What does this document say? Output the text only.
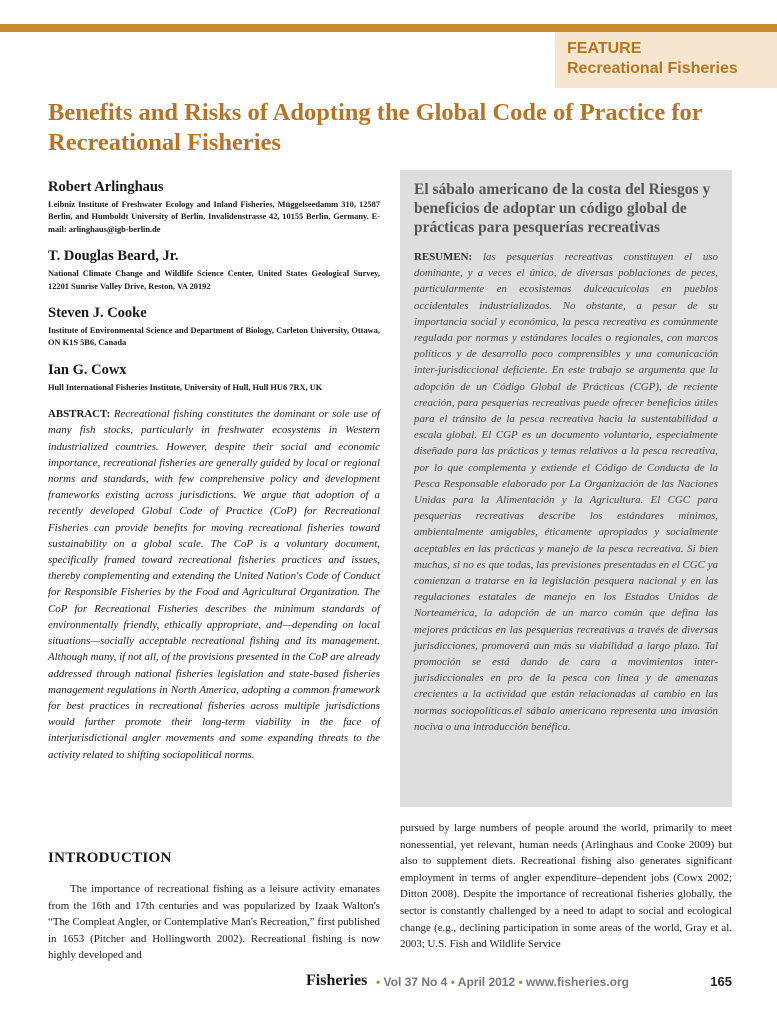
FEATURE
Recreational Fisheries
Benefits and Risks of Adopting the Global Code of Practice for Recreational Fisheries
Robert Arlinghaus
Leibniz Institute of Freshwater Ecology and Inland Fisheries, Müggelseedamm 310, 12587 Berlin, and Humboldt University of Berlin, Invalidenstrasse 42, 10155 Berlin, Germany. E-mail: arlinghaus@igb-berlin.de
T. Douglas Beard, Jr.
National Climate Change and Wildlife Science Center, United States Geological Survey, 12201 Sunrise Valley Drive, Reston, VA 20192
Steven J. Cooke
Institute of Environmental Science and Department of Biology, Carleton University, Ottawa, ON K1S 5B6, Canada
Ian G. Cowx
Hull International Fisheries Institute, University of Hull, Hull HU6 7RX, UK

ABSTRACT: Recreational fishing constitutes the dominant or sole use of many fish stocks, particularly in freshwater ecosystems in Western industrialized countries. However, despite their social and economic importance, recreational fisheries are generally guided by local or regional norms and standards, with few comprehensive policy and development frameworks existing across jurisdictions. We argue that adoption of a recently developed Global Code of Practice (CoP) for Recreational Fisheries can provide benefits for moving recreational fisheries toward sustainability on a global scale. The CoP is a voluntary document, specifically framed toward recreational fisheries practices and issues, thereby complementing and extending the United Nation's Code of Conduct for Responsible Fisheries by the Food and Agricultural Organization. The CoP for Recreational Fisheries describes the minimum standards of environmentally friendly, ethically appropriate, and—depending on local situations—socially acceptable recreational fishing and its management. Although many, if not all, of the provisions presented in the CoP are already addressed through national fisheries legislation and state-based fisheries management regulations in North America, adopting a common framework for best practices in recreational fisheries across multiple jurisdictions would further promote their long-term viability in the face of interjurisdictional angler movements and some expanding threats to the activity related to shifting sociopolitical norms.

INTRODUCTION

The importance of recreational fishing as a leisure activity emanates from the 16th and 17th centuries and was popularized by Izaak Walton's “The Compleat Angler, or Contemplative Man's Recreation,” first published in 1653 (Pitcher and Hollingworth 2002). Recreational fishing is now highly developed and

El sábalo americano de la costa del Riesgos y beneficios de adoptar un código global de prácticas para pesquerías recreativas

RESUMEN: las pesquerías recreativas constituyen el uso dominante, y a veces el único, de diversas poblaciones de peces, particularmente en ecosistemas dulceacuícolas en pueblos occidentales industrializados. No obstante, a pesar de su importancia social y económica, la pesca recreativa es comúnmente regulada por normas y estándares locales o regionales, con marcos políticos y de desarrollo poco comprensibles y una comunicación inter-jurisdiccional deficiente. En este trabajo se argumenta que la adopción de un Código Global de Prácticas (CGP), de reciente creación, para pesquerías recreativas puede ofrecer beneficios útiles para el tránsito de la pesca recreativa hacia la sustentabilidad a escala global. El CGP es un documento voluntario, especialmente diseñado para las prácticas y temas relativos a la pesca recreativa, por lo que complementa y extiende el Código de Conducta de la Pesca Responsable elaborado por La Organización de las Naciones Unidas para la Alimentación y la Agricultura. El CGC para pesquerías recreativas describe los estándares mínimos, ambientalmente amigables, éticamente apropiados y socialmente aceptables en las prácticas y manejo de la pesca recreativa. Si bien muchas, si no es que todas, las previsiones presentadas en el CGC ya comienzan a tratarse en la legislación pesquera nacional y en las regulaciones estatales de manejo en los Estados Unidos de Norteamérica, la adopción de un marco común que defina las mejores prácticas en las pesquerías recreativas a través de diversas jurisdicciones, promoverá aun más su viabilidad a largo plazo. Tal promoción se está dando de cara a movimientos inter-jurisdiccionales en pro de la pesca con línea y de amenazas crecientes a la actividad que están relacionadas al cambio en las normas sociopolíticas.el sábalo americano representa una invasión nociva o una introducción benéfica.

pursued by large numbers of people around the world, primarily to meet nonessential, yet relevant, human needs (Arlinghaus and Cooke 2009) but also to supplement diets. Recreational fishing also generates significant employment in terms of angler expenditure–dependent jobs (Cowx 2002; Ditton 2008). Despite the importance of recreational fisheries globally, the sector is constantly challenged by a need to adapt to social and ecological change (e.g., declining participation in some areas of the world, Gray et al. 2003; U.S. Fish and Wildlife Service

Fisheries • Vol 37 No 4 • April 2012 • www.fisheries.org	165
